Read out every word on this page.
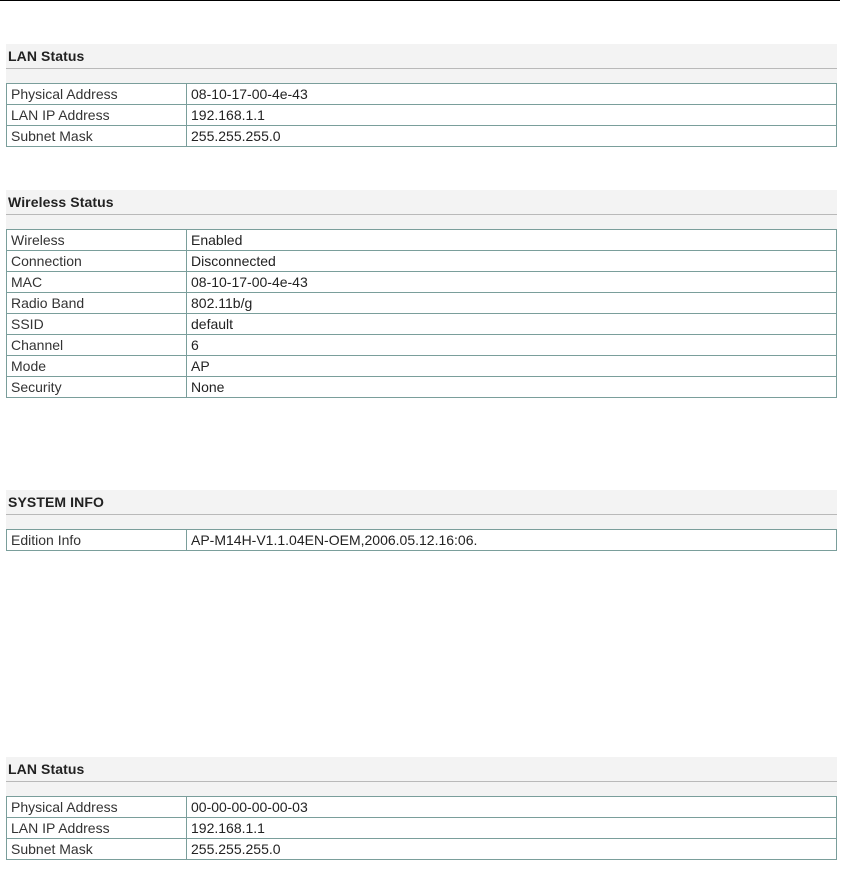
LAN Status
Physical Address	08-10-17-00-4e-43
LAN IP Address	192.168.1.1
Subnet Mask	255.255.255.0
Wireless Status
Wireless	Enabled
Connection	Disconnected
MAC	08-10-17-00-4e-43
Radio Band	802.11b/g
SSID	default
Channel	6
Mode	AP
Security	None
SYSTEM INFO
Edition Info	AP-M14H-V1.1.04EN-OEM,2006.05.12.16:06.
LAN Status
Physical Address	00-00-00-00-00-03
LAN IP Address	192.168.1.1
Subnet Mask	255.255.255.0
